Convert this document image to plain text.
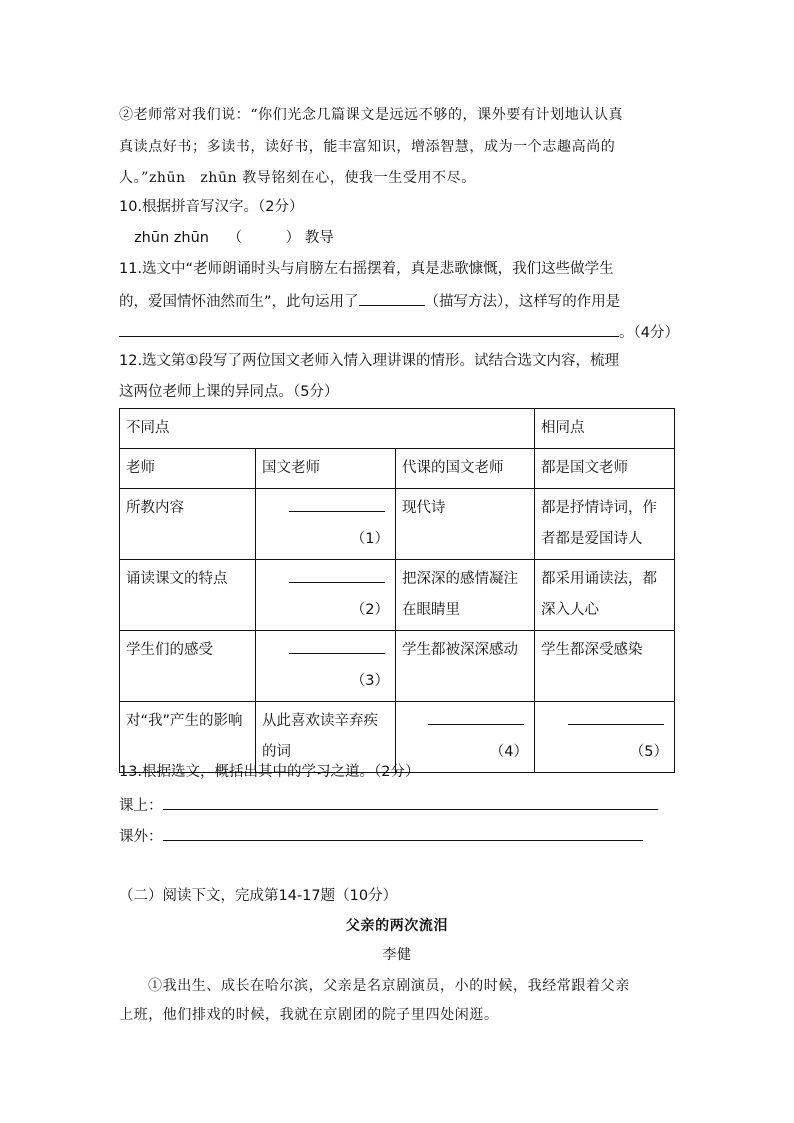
②老师常对我们说：“你们光念几篇课文是远远不够的，课外要有计划地认认真
真读点好书；多读书，读好书，能丰富知识，增添智慧，成为一个志趣高尚的
人。”zhūn　zhūn 教导铭刻在心，使我一生受用不尽。
10.根据拼音写汉字。（2分）
zhūn zhūn （　　　） 教导
11.选文中“老师朗诵时头与肩膀左右摇摆着，真是悲歌慷慨，我们这些做学生
的，爱国情怀油然而生”，此句运用了	（描写方法），这样写的作用是
。（4分）
12.选文第①段写了两位国文老师入情入理讲课的情形。试结合选文内容，梳理
这两位老师上课的异同点。（5分）
不同点			相同点
老师	国文老师	代课的国文老师	都是国文老师
所教内容	（1）	现代诗	都是抒情诗词，作者都是爱国诗人
诵读课文的特点	（2）	把深深的感情凝注在眼睛里	都采用诵读法，都深入人心
学生们的感受	（3）	学生都被深深感动	学生都深受感染
对“我”产生的影响	从此喜欢读辛弃疾的词	（4）	（5）
13.根据选文，概括出其中的学习之道。（2分）
课上：
课外：
（二）阅读下文，完成第14-17题（10分）
父亲的两次流泪
李健
①我出生、成长在哈尔滨，父亲是名京剧演员，小的时候，我经常跟着父亲
上班，他们排戏的时候，我就在京剧团的院子里四处闲逛。
